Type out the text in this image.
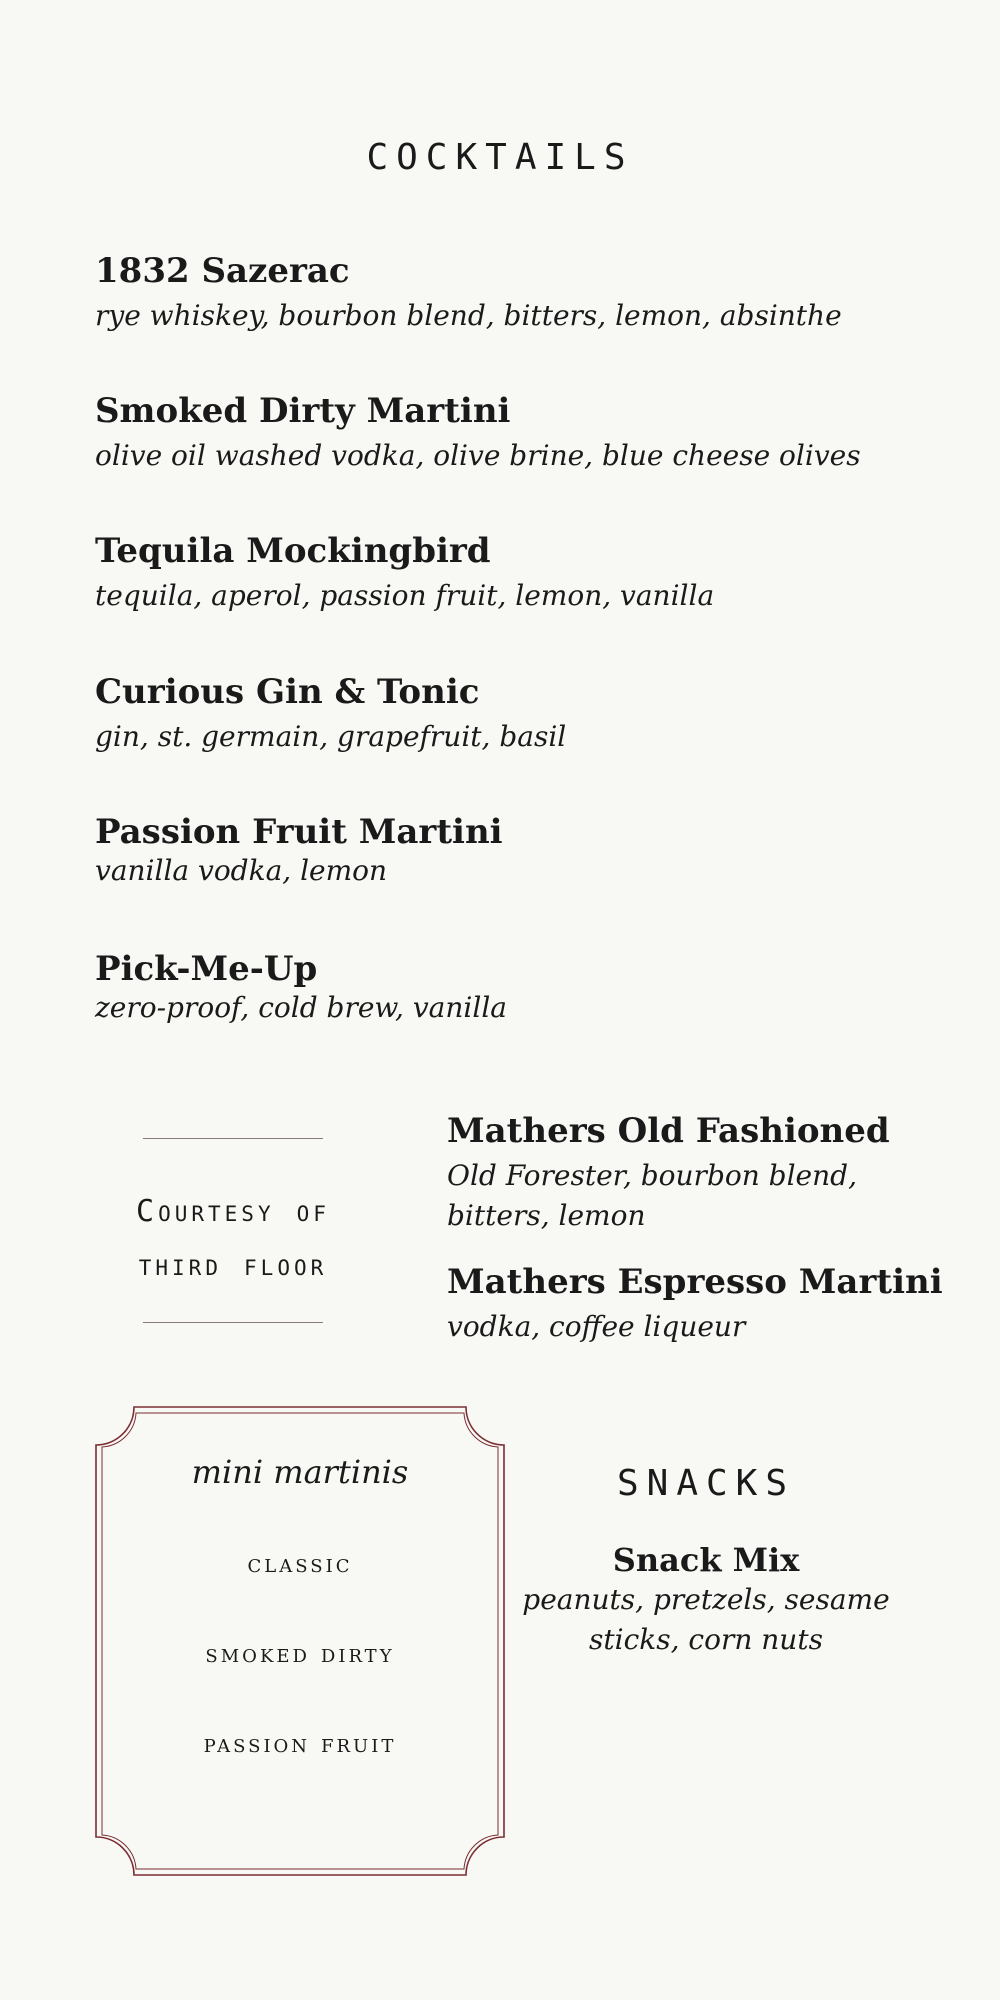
COCKTAILS
1832 Sazerac
rye whiskey, bourbon blend, bitters, lemon, absinthe
Smoked Dirty Martini
olive oil washed vodka, olive brine, blue cheese olives
Tequila Mockingbird
tequila, aperol, passion fruit, lemon, vanilla
Curious Gin & Tonic
gin, st. germain, grapefruit, basil
Passion Fruit Martini
vanilla vodka, lemon
Pick-Me-Up
zero-proof, cold brew, vanilla
Courtesy of
third floor
Mathers Old Fashioned
Old Forester, bourbon blend, bitters, lemon
Mathers Espresso Martini
vodka, coffee liqueur
mini martinis
classic
smoked dirty
passion fruit
SNACKS
Snack Mix
peanuts, pretzels, sesame sticks, corn nuts
